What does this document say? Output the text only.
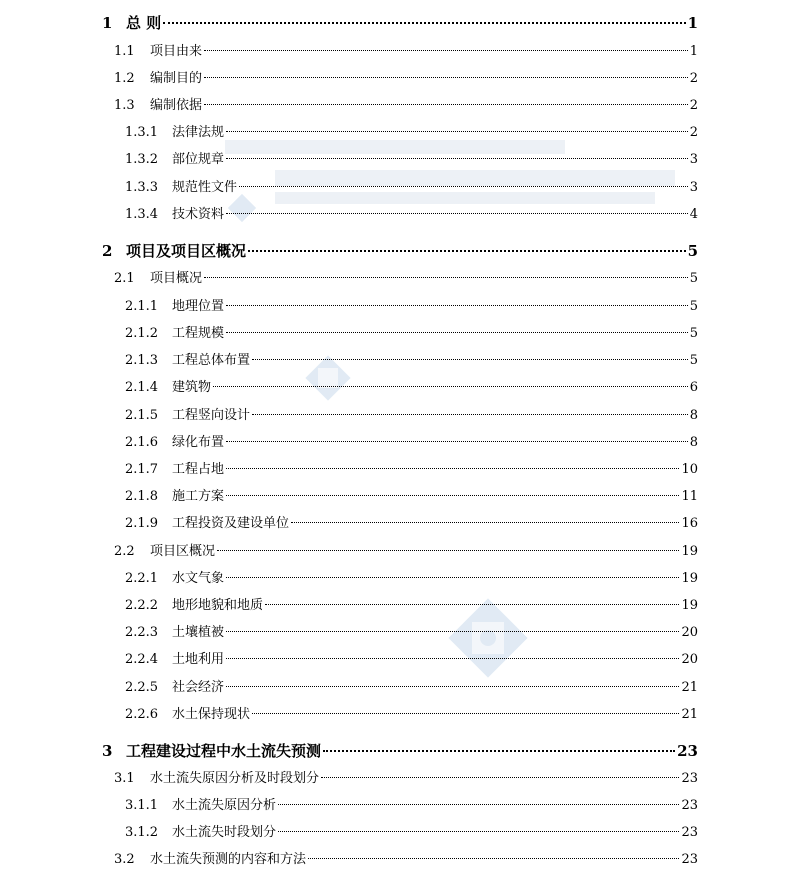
1 总 则	1
1.1	项目由来	1
1.2	编制目的	2
1.3	编制依据	2
1.3.1	法律法规	2
1.3.2	部位规章	3
1.3.3	规范性文件	3
1.3.4	技术资料	4
2 项目及项目区概况	5
2.1	项目概况	5
2.1.1	地理位置	5
2.1.2	工程规模	5
2.1.3	工程总体布置	5
2.1.4	建筑物	6
2.1.5	工程竖向设计	8
2.1.6	绿化布置	8
2.1.7	工程占地	10
2.1.8	施工方案	11
2.1.9	工程投资及建设单位	16
2.2	项目区概况	19
2.2.1	水文气象	19
2.2.2	地形地貌和地质	19
2.2.3	土壤植被	20
2.2.4	土地利用	20
2.2.5	社会经济	21
2.2.6	水土保持现状	21
3 工程建设过程中水土流失预测	23
3.1	水土流失原因分析及时段划分	23
3.1.1	水土流失原因分析	23
3.1.2	水土流失时段划分	23
3.2	水土流失预测的内容和方法	23
